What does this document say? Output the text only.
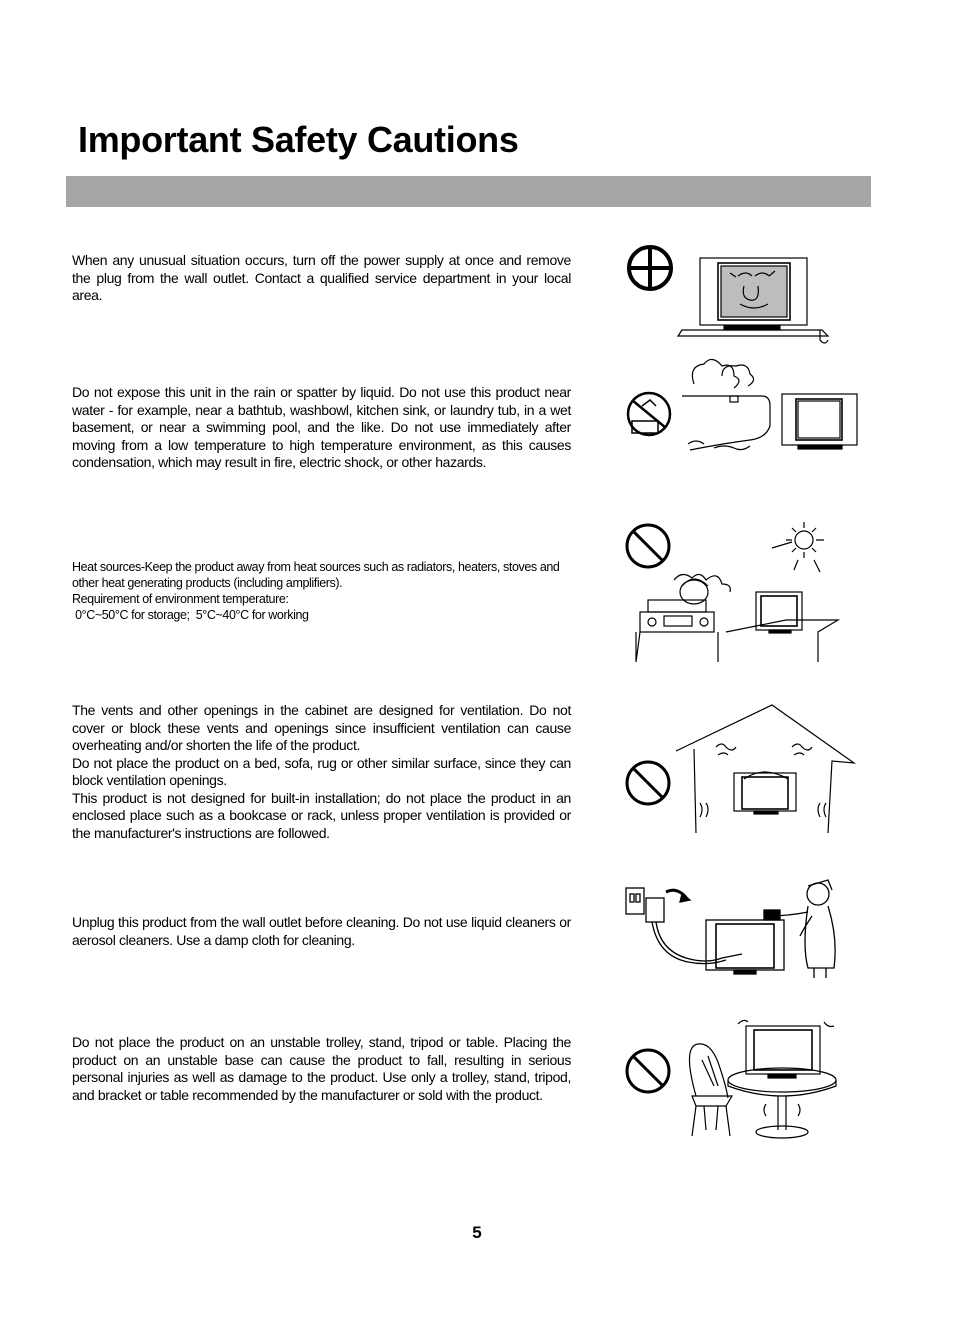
Important Safety Cautions

When any unusual situation occurs, turn off the power supply at once and remove the plug from the wall outlet. Contact a qualified service department in your local area.

Do not expose this unit in the rain or spatter by liquid. Do not use this product near water - for example, near a bathtub, washbowl, kitchen sink, or laundry tub, in a wet basement, or near a swimming pool, and the like. Do not use immediately after moving from a low temperature to high temperature environment, as this causes condensation, which may result in fire, electric shock, or other hazards.

Heat sources-Keep the product away from heat sources such as radiators, heaters, stoves and other heat generating products (including amplifiers).
Requirement of environment temperature:
0°C~50°C for storage; 5°C~40°C for working

The vents and other openings in the cabinet are designed for ventilation. Do not cover or block these vents and openings since insufficient ventilation can cause overheating and/or shorten the life of the product.
Do not place the product on a bed, sofa, rug or other similar surface, since they can block ventilation openings.
This product is not designed for built-in installation; do not place the product in an enclosed place such as a bookcase or rack, unless proper ventilation is provided or the manufacturer's instructions are followed.

Unplug this product from the wall outlet before cleaning. Do not use liquid cleaners or aerosol cleaners. Use a damp cloth for cleaning.

Do not place the product on an unstable trolley, stand, tripod or table. Placing the product on an unstable base can cause the product to fall, resulting in serious personal injuries as well as damage to the product. Use only a trolley, stand, tripod, and bracket or table recommended by the manufacturer or sold with the product.

5
